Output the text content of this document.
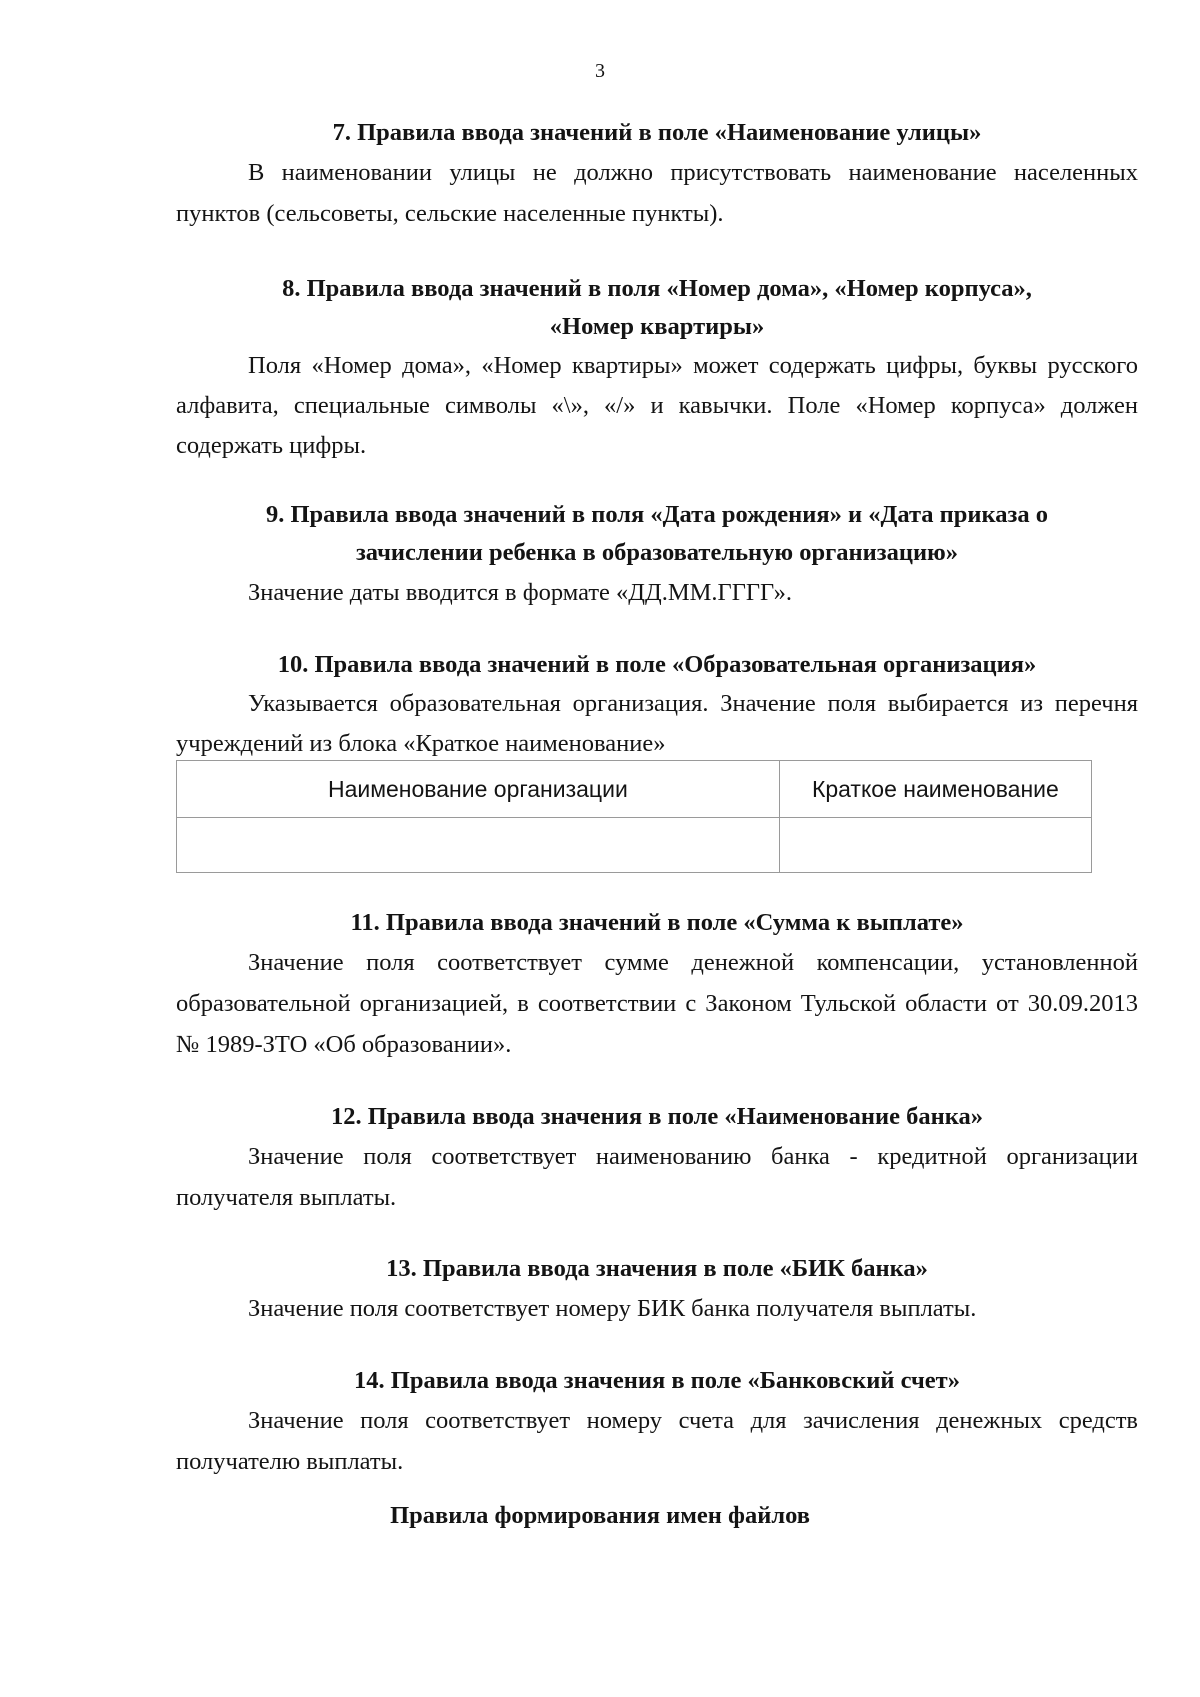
3
7. Правила ввода значений в поле «Наименование улицы»
В наименовании улицы не должно присутствовать наименование населенных пунктов (сельсоветы, сельские населенные пункты).
8. Правила ввода значений в поля «Номер дома», «Номер корпуса»,
«Номер квартиры»
Поля «Номер дома», «Номер квартиры» может содержать цифры, буквы русского алфавита, специальные символы «\», «/» и кавычки. Поле «Номер корпуса» должен содержать цифры.
9. Правила ввода значений в поля «Дата рождения» и «Дата приказа о
зачислении ребенка в образовательную организацию»
Значение даты вводится в формате «ДД.ММ.ГГГГ».
10. Правила ввода значений в поле «Образовательная организация»
Указывается образовательная организация. Значение поля выбирается из перечня учреждений из блока «Краткое наименование»
Наименование организации	Краткое наименование

11. Правила ввода значений в поле «Сумма к выплате»
Значение поля соответствует сумме денежной компенсации, установленной образовательной организацией, в соответствии с Законом Тульской области от 30.09.2013 № 1989-ЗТО «Об образовании».
12. Правила ввода значения в поле «Наименование банка»
Значение поля соответствует наименованию банка - кредитной организации получателя выплаты.
13. Правила ввода значения в поле «БИК банка»
Значение поля соответствует номеру БИК банка получателя выплаты.
14. Правила ввода значения в поле «Банковский счет»
Значение поля соответствует номеру счета для зачисления денежных средств получателю выплаты.
Правила формирования имен файлов
